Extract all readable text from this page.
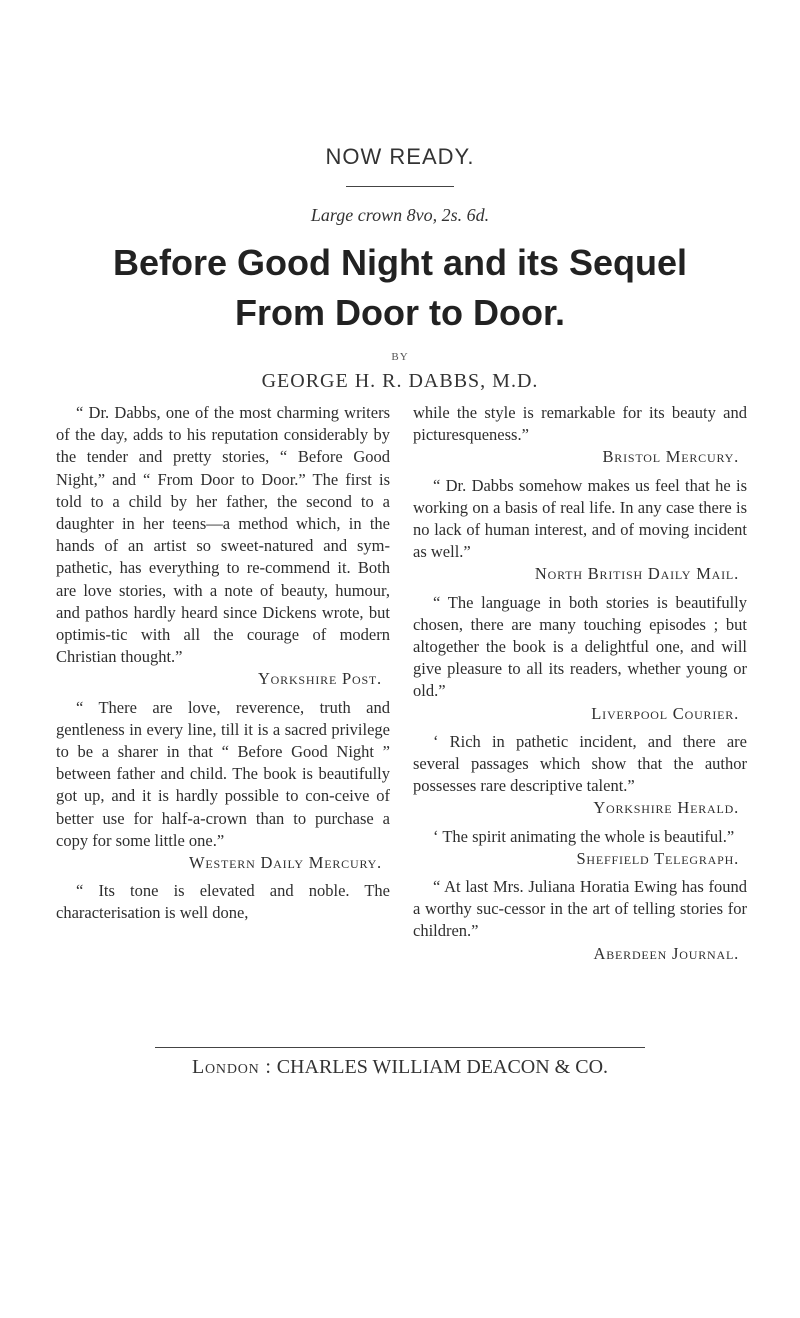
NOW READY.
Large crown 8vo, 2s. 6d.
Before Good Night and its Sequel
From Door to Door.
BY
GEORGE H. R. DABBS, M.D.

“ Dr. Dabbs, one of the most charming writers of the day, adds to his reputation considerably by the tender and pretty stories, “ Before Good Night,” and “ From Door to Door.” The first is told to a child by her father, the second to a daughter in her teens—a method which, in the hands of an artist so sweet-natured and sym-pathetic, has everything to re-commend it. Both are love stories, with a note of beauty, humour, and pathos hardly heard since Dickens wrote, but optimis-tic with all the courage of modern Christian thought.”

Yorkshire Post.

“ There are love, reverence, truth and gentleness in every line, till it is a sacred privilege to be a sharer in that “ Before Good Night ” between father and child. The book is beautifully got up, and it is hardly possible to con-ceive of better use for half-a-crown than to purchase a copy for some little one.”

Western Daily Mercury.

“ Its tone is elevated and noble. The characterisation is well done,

while the style is remarkable for its beauty and picturesqueness.”

Bristol Mercury.

“ Dr. Dabbs somehow makes us feel that he is working on a basis of real life. In any case there is no lack of human interest, and of moving incident as well.”

North British Daily Mail.

“ The language in both stories is beautifully chosen, there are many touching episodes ; but altogether the book is a delightful one, and will give pleasure to all its readers, whether young or old.”

Liverpool Courier.

‘ Rich in pathetic incident, and there are several passages which show that the author possesses rare descriptive talent.”

Yorkshire Herald.

‘ The spirit animating the whole is beautiful.”

Sheffield Telegraph.

“ At last Mrs. Juliana Horatia Ewing has found a worthy suc-cessor in the art of telling stories for children.”

Aberdeen Journal.
London : CHARLES WILLIAM DEACON & CO.
